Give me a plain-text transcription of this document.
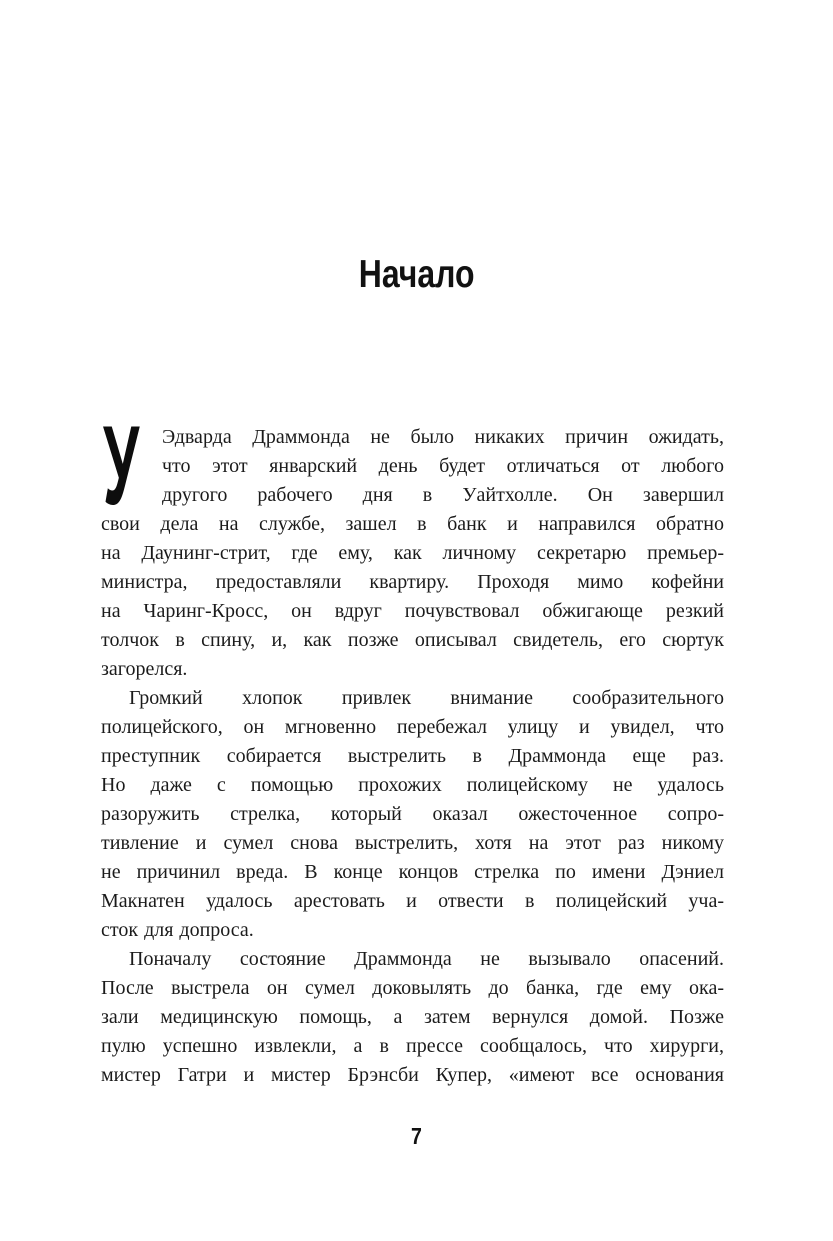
Начало
У	Эдварда Драммонда не было никаких причин ожидать,
что этот январский день будет отличаться от любого
другого рабочего дня в Уайтхолле. Он завершил
свои дела на службе, зашел в банк и направился обратно
на Даунинг-стрит, где ему, как личному секретарю премьер-
министра, предоставляли квартиру. Проходя мимо кофейни
на Чаринг-Кросс, он вдруг почувствовал обжигающе резкий
толчок в спину, и, как позже описывал свидетель, его сюртук
загорелся.
Громкий хлопок привлек внимание сообразительного
полицейского, он мгновенно перебежал улицу и увидел, что
преступник собирается выстрелить в Драммонда еще раз.
Но даже с помощью прохожих полицейскому не удалось
разоружить стрелка, который оказал ожесточенное сопро-
тивление и сумел снова выстрелить, хотя на этот раз никому
не причинил вреда. В конце концов стрелка по имени Дэниел
Макнатен удалось арестовать и отвести в полицейский уча-
сток для допроса.
Поначалу состояние Драммонда не вызывало опасений.
После выстрела он сумел доковылять до банка, где ему ока-
зали медицинскую помощь, а затем вернулся домой. Позже
пулю успешно извлекли, а в прессе сообщалось, что хирурги,
мистер Гатри и мистер Брэнсби Купер, «имеют все основания
7
